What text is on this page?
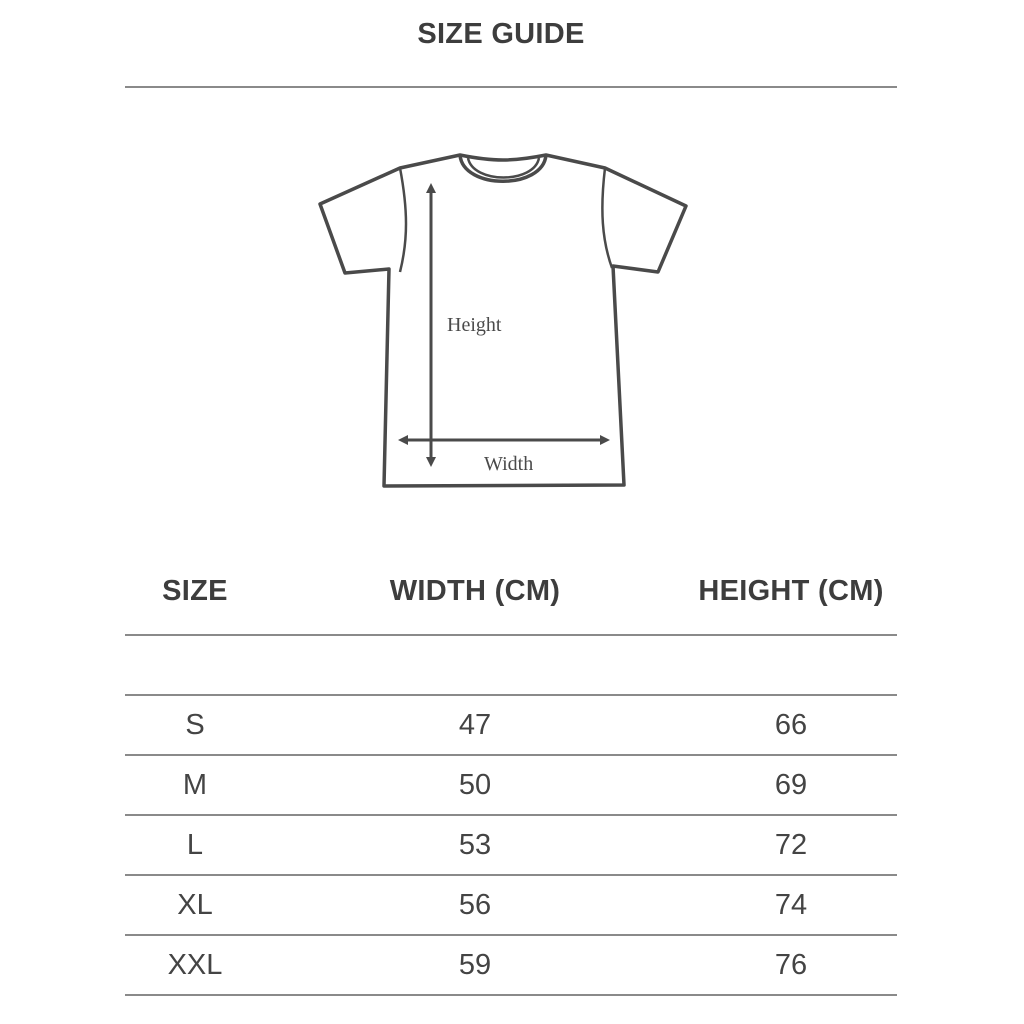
SIZE GUIDE
Height
Width
SIZE	WIDTH (CM)	HEIGHT (CM)
S	47	66
M	50	69
L	53	72
XL	56	74
XXL	59	76
